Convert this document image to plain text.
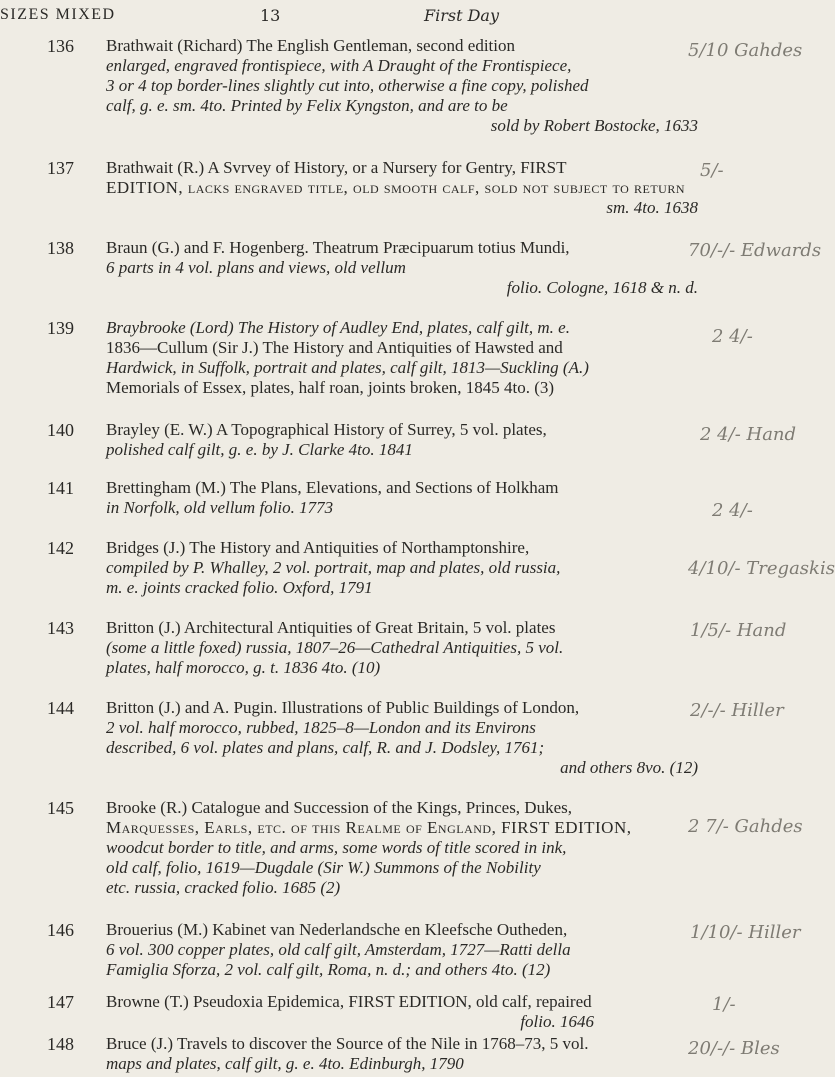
SIZES MIXED	13	First Day
136 Brathwait (Richard) The English Gentleman, second edition

enlarged, engraved frontispiece, with A Draught of the Frontispiece,

3 or 4 top border-lines slightly cut into, otherwise a fine copy, polished

calf, g. e. sm. 4to. Printed by Felix Kyngston, and are to be

sold by Robert Bostocke, 1633

5/10 Gahdes
137 Brathwait (R.) A Svrvey of History, or a Nursery for Gentry, FIRST

EDITION, lacks engraved title, old smooth calf, sold not subject to return

sm. 4to. 1638

5/-
138 Braun (G.) and F. Hogenberg. Theatrum Præcipuarum totius Mundi,

6 parts in 4 vol. plans and views, old vellum

folio. Cologne, 1618 & n. d.

70/-/- Edwards
139 Braybrooke (Lord) The History of Audley End, plates, calf gilt, m. e.

1836—Cullum (Sir J.) The History and Antiquities of Hawsted and

Hardwick, in Suffolk, portrait and plates, calf gilt, 1813—Suckling (A.)

Memorials of Essex, plates, half roan, joints broken, 1845 4to. (3)

2 4/-
140 Brayley (E. W.) A Topographical History of Surrey, 5 vol. plates,

polished calf gilt, g. e. by J. Clarke 4to. 1841

2 4/- Hand
141 Brettingham (M.) The Plans, Elevations, and Sections of Holkham

in Norfolk, old vellum folio. 1773	2 4/-
142 Bridges (J.) The History and Antiquities of Northamptonshire,

compiled by P. Whalley, 2 vol. portrait, map and plates, old russia,

m. e. joints cracked folio. Oxford, 1791

4/10/- Tregaskis
143 Britton (J.) Architectural Antiquities of Great Britain, 5 vol. plates

(some a little foxed) russia, 1807–26—Cathedral Antiquities, 5 vol.

plates, half morocco, g. t. 1836 4to. (10)

1/5/- Hand
144 Britton (J.) and A. Pugin. Illustrations of Public Buildings of London,

2 vol. half morocco, rubbed, 1825–8—London and its Environs

described, 6 vol. plates and plans, calf, R. and J. Dodsley, 1761;

and others 8vo. (12)

2/-/- Hiller
145 Brooke (R.) Catalogue and Succession of the Kings, Princes, Dukes,

Marquesses, Earls, etc. of this Realme of England, FIRST EDITION,

woodcut border to title, and arms, some words of title scored in ink,

old calf, folio, 1619—Dugdale (Sir W.) Summons of the Nobility

etc. russia, cracked folio. 1685 (2)

2 7/- Gahdes
146 Brouerius (M.) Kabinet van Nederlandsche en Kleefsche Outheden,

6 vol. 300 copper plates, old calf gilt, Amsterdam, 1727—Ratti della

Famiglia Sforza, 2 vol. calf gilt, Roma, n. d.; and others 4to. (12)

1/10/- Hiller
147 Browne (T.) Pseudoxia Epidemica, FIRST EDITION, old calf, repaired

folio. 1646

1/-
148 Bruce (J.) Travels to discover the Source of the Nile in 1768–73, 5 vol.

maps and plates, calf gilt, g. e. 4to. Edinburgh, 1790

20/-/- Bles
